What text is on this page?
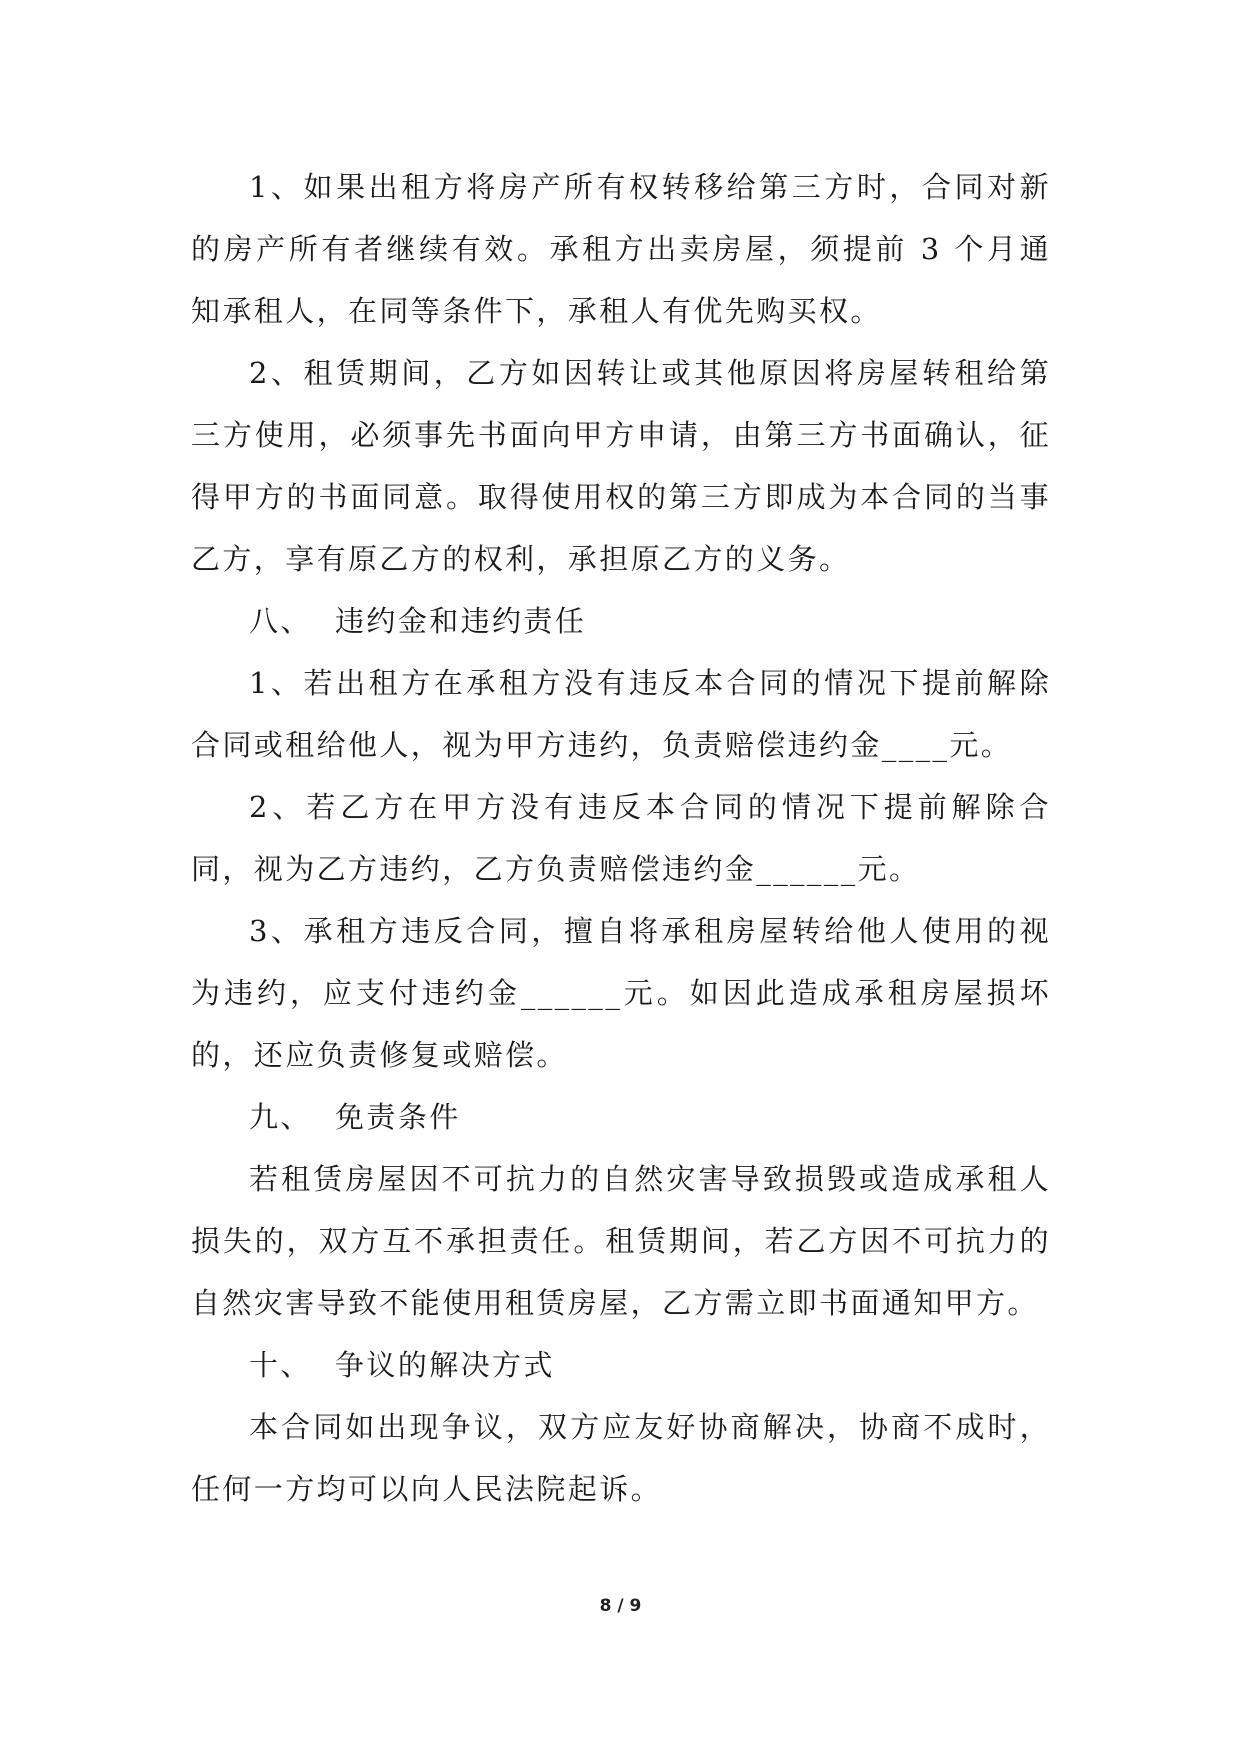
1、如果出租方将房产所有权转移给第三方时，合同对新的房产所有者继续有效。承租方出卖房屋，须提前 3 个月通知承租人，在同等条件下，承租人有优先购买权。

2、租赁期间，乙方如因转让或其他原因将房屋转租给第三方使用，必须事先书面向甲方申请，由第三方书面确认，征得甲方的书面同意。取得使用权的第三方即成为本合同的当事乙方，享有原乙方的权利，承担原乙方的义务。

八、  违约金和违约责任

1、若出租方在承租方没有违反本合同的情况下提前解除合同或租给他人，视为甲方违约，负责赔偿违约金____元。

2、若乙方在甲方没有违反本合同的情况下提前解除合同，视为乙方违约，乙方负责赔偿违约金______元。

3、承租方违反合同，擅自将承租房屋转给他人使用的视为违约，应支付违约金______元。如因此造成承租房屋损坏的，还应负责修复或赔偿。

九、  免责条件

若租赁房屋因不可抗力的自然灾害导致损毁或造成承租人损失的，双方互不承担责任。租赁期间，若乙方因不可抗力的自然灾害导致不能使用租赁房屋，乙方需立即书面通知甲方。

十、  争议的解决方式

本合同如出现争议，双方应友好协商解决，协商不成时，任何一方均可以向人民法院起诉。

8 / 9
